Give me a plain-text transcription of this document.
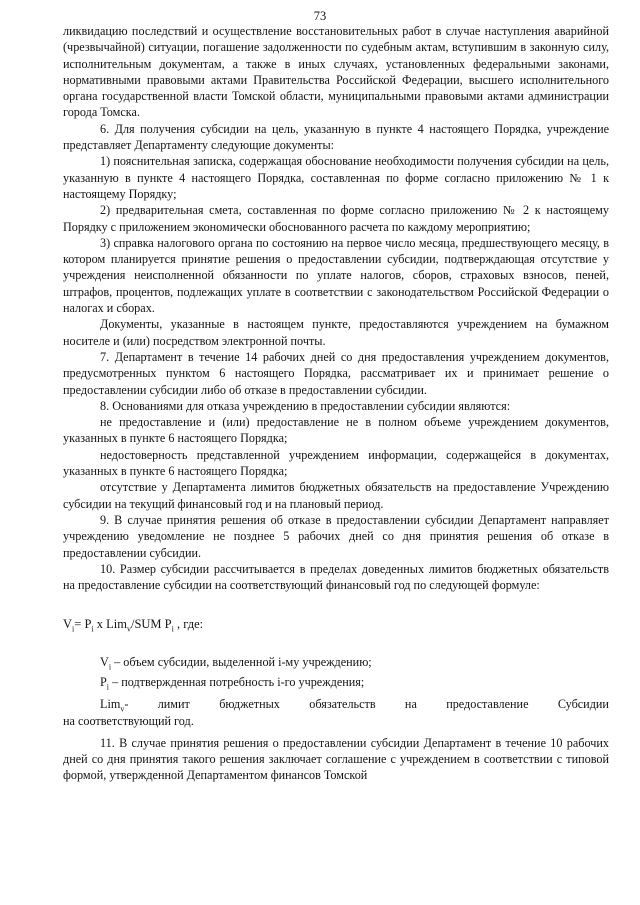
73

ликвидацию последствий и осуществление восстановительных работ в случае наступления аварийной (чрезвычайной) ситуации, погашение задолженности по судебным актам, вступившим в законную силу, исполнительным документам, а также в иных случаях, установленных федеральными законами, нормативными правовыми актами Правительства Российской Федерации, высшего исполнительного органа государственной власти Томской области, муниципальными правовыми актами администрации города Томска.

6. Для получения субсидии на цель, указанную в пункте 4 настоящего Порядка, учреждение представляет Департаменту следующие документы:

1) пояснительная записка, содержащая обоснование необходимости получения субсидии на цель, указанную в пункте 4 настоящего Порядка, составленная по форме согласно приложению № 1 к настоящему Порядку;

2) предварительная смета, составленная по форме согласно приложению № 2 к настоящему Порядку с приложением экономически обоснованного расчета по каждому мероприятию;

3) справка налогового органа по состоянию на первое число месяца, предшествующего месяцу, в котором планируется принятие решения о предоставлении субсидии, подтверждающая отсутствие у учреждения неисполненной обязанности по уплате налогов, сборов, страховых взносов, пеней, штрафов, процентов, подлежащих уплате в соответствии с законодательством Российской Федерации о налогах и сборах.

Документы, указанные в настоящем пункте, предоставляются учреждением на бумажном носителе и (или) посредством электронной почты.

7. Департамент в течение 14 рабочих дней со дня предоставления учреждением документов, предусмотренных пунктом 6 настоящего Порядка, рассматривает их и принимает решение о предоставлении субсидии либо об отказе в предоставлении субсидии.

8. Основаниями для отказа учреждению в предоставлении субсидии являются:

не предоставление и (или) предоставление не в полном объеме учреждением документов, указанных в пункте 6 настоящего Порядка;

недостоверность представленной учреждением информации, содержащейся в документах, указанных в пункте 6 настоящего Порядка;

отсутствие у Департамента лимитов бюджетных обязательств на предоставление Учреждению субсидии на текущий финансовый год и на плановый период.

9. В случае принятия решения об отказе в предоставлении субсидии Департамент направляет учреждению уведомление не позднее 5 рабочих дней со дня принятия решения об отказе в предоставлении субсидии.

10. Размер субсидии рассчитывается в пределах доведенных лимитов бюджетных обязательств на предоставление субсидии на соответствующий финансовый год по следующей формуле:

$V_i= P_i$ x Lim$_v$/SUM $P_i$ , где:

$V_i$ – объем субсидии, выделенной i-му учреждению;

$P_i$ – подтвержденная потребность i-го учреждения;

Lim$_v$- лимит бюджетных обязательств на предоставление Субсидии

на соответствующий год.

11. В случае принятия решения о предоставлении субсидии Департамент в течение 10 рабочих дней со дня принятия такого решения заключает соглашение с учреждением в соответствии с типовой формой, утвержденной Департаментом финансов Томской
